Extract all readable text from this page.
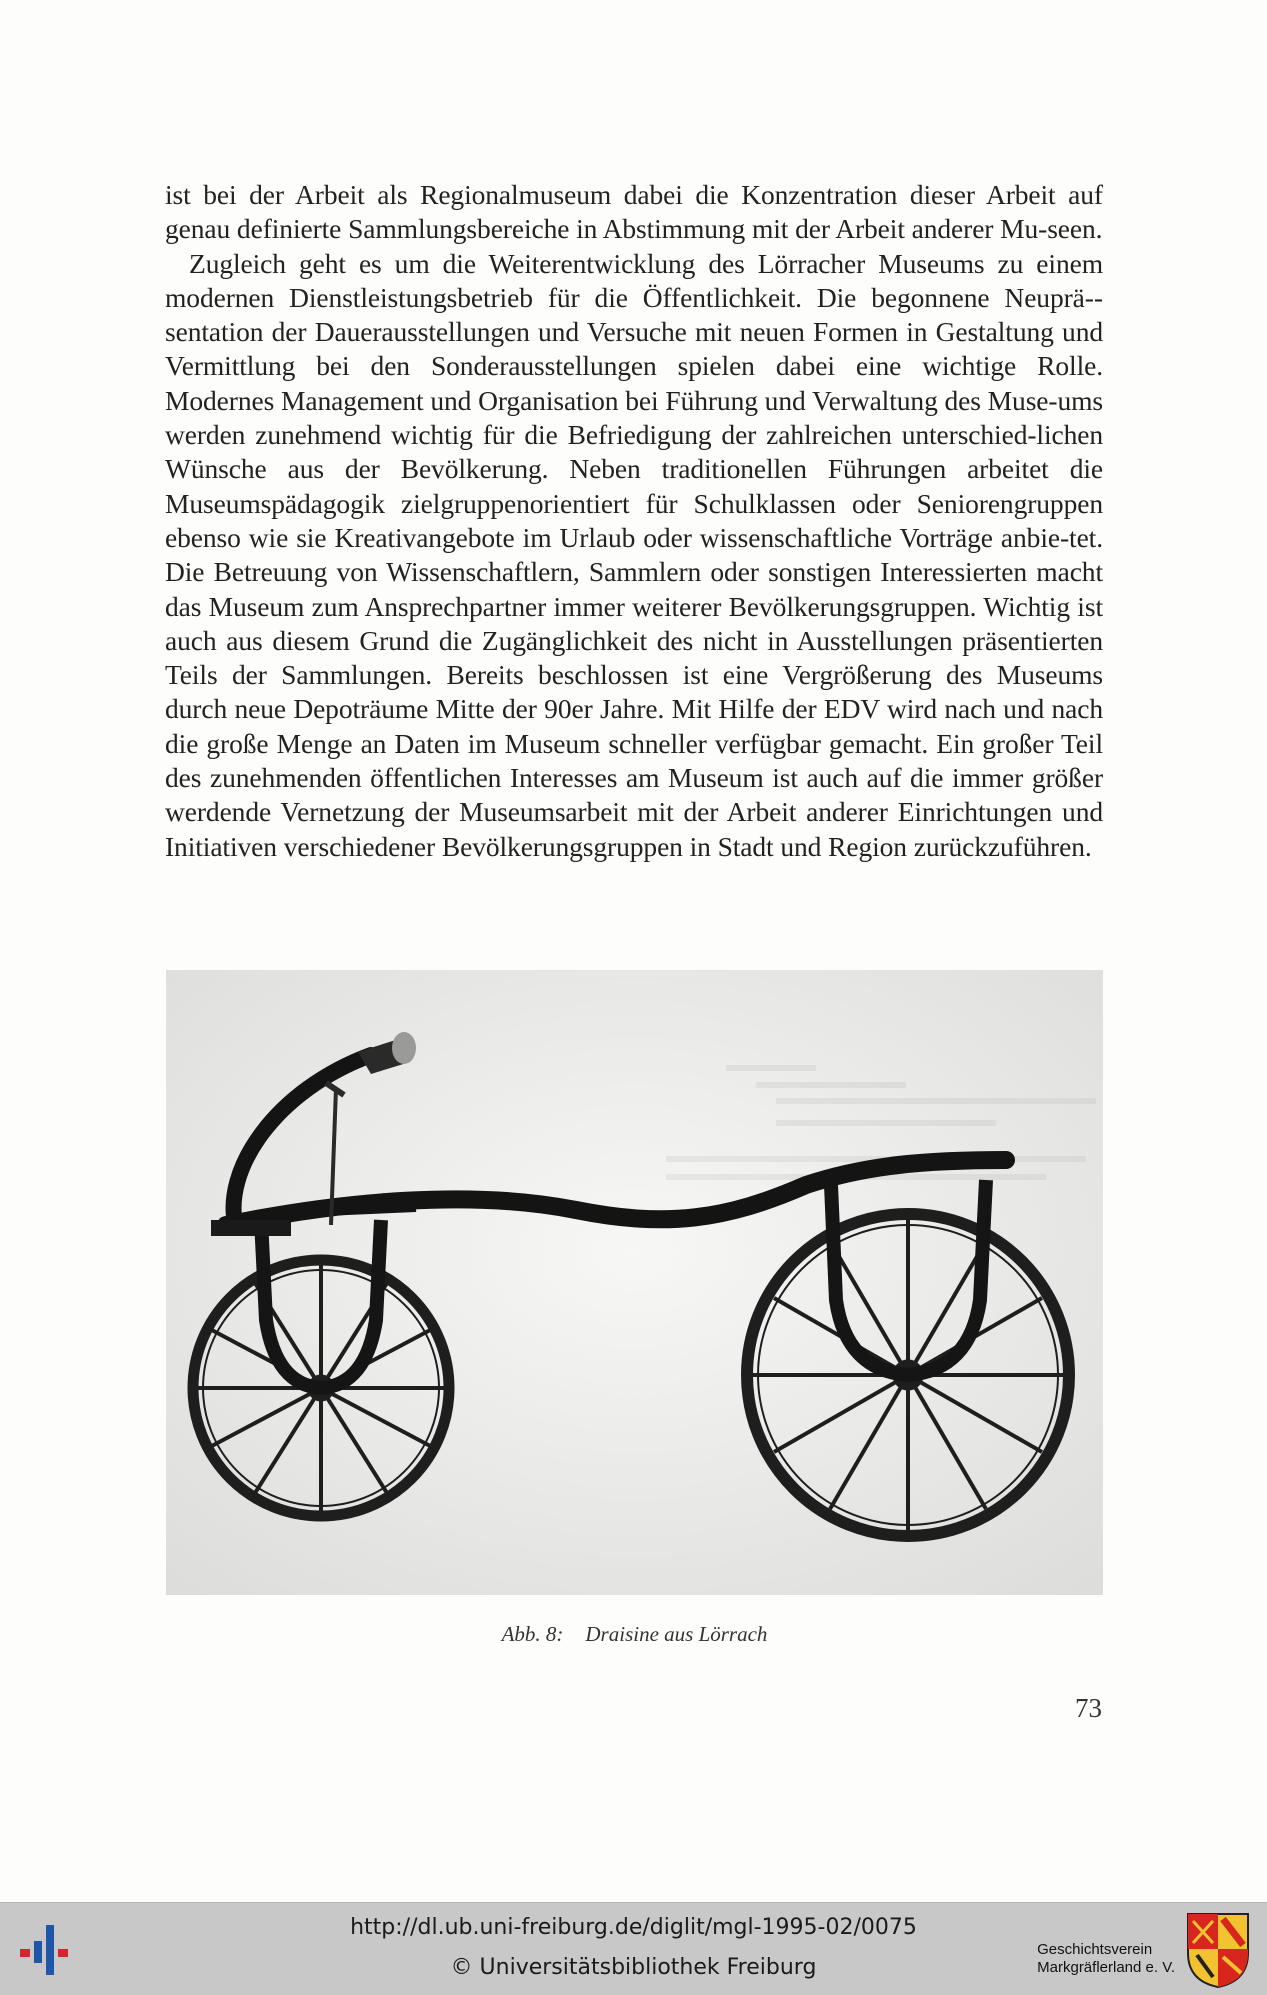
ist bei der Arbeit als Regionalmuseum dabei die Konzentration dieser Arbeit auf genau definierte Sammlungsbereiche in Abstimmung mit der Arbeit anderer Mu-seen.

Zugleich geht es um die Weiterentwicklung des Lörracher Museums zu einem modernen Dienstleistungsbetrieb für die Öffentlichkeit. Die begonnene Neuprä-sentation der Dauerausstellungen und Versuche mit neuen Formen in Gestaltung und Vermittlung bei den Sonderausstellungen spielen dabei eine wichtige Rolle. Modernes Management und Organisation bei Führung und Verwaltung des Muse-ums werden zunehmend wichtig für die Befriedigung der zahlreichen unterschied-lichen Wünsche aus der Bevölkerung. Neben traditionellen Führungen arbeitet die Museumspädagogik zielgruppenorientiert für Schulklassen oder Seniorengruppen ebenso wie sie Kreativangebote im Urlaub oder wissenschaftliche Vorträge anbie-tet. Die Betreuung von Wissenschaftlern, Sammlern oder sonstigen Interessierten macht das Museum zum Ansprechpartner immer weiterer Bevölkerungsgruppen. Wichtig ist auch aus diesem Grund die Zugänglichkeit des nicht in Ausstellungen präsentierten Teils der Sammlungen. Bereits beschlossen ist eine Vergrößerung des Museums durch neue Depoträume Mitte der 90er Jahre. Mit Hilfe der EDV wird nach und nach die große Menge an Daten im Museum schneller verfügbar gemacht. Ein großer Teil des zunehmenden öffentlichen Interesses am Museum ist auch auf die immer größer werdende Vernetzung der Museumsarbeit mit der Arbeit anderer Einrichtungen und Initiativen verschiedener Bevölkerungsgruppen in Stadt und Region zurückzuführen.

Abb. 8: Draisine aus Lörrach
73
http://dl.ub.uni-freiburg.de/diglit/mgl-1995-02/0075
© Universitätsbibliothek Freiburg
Geschichtsverein
Markgräflerland e. V.
